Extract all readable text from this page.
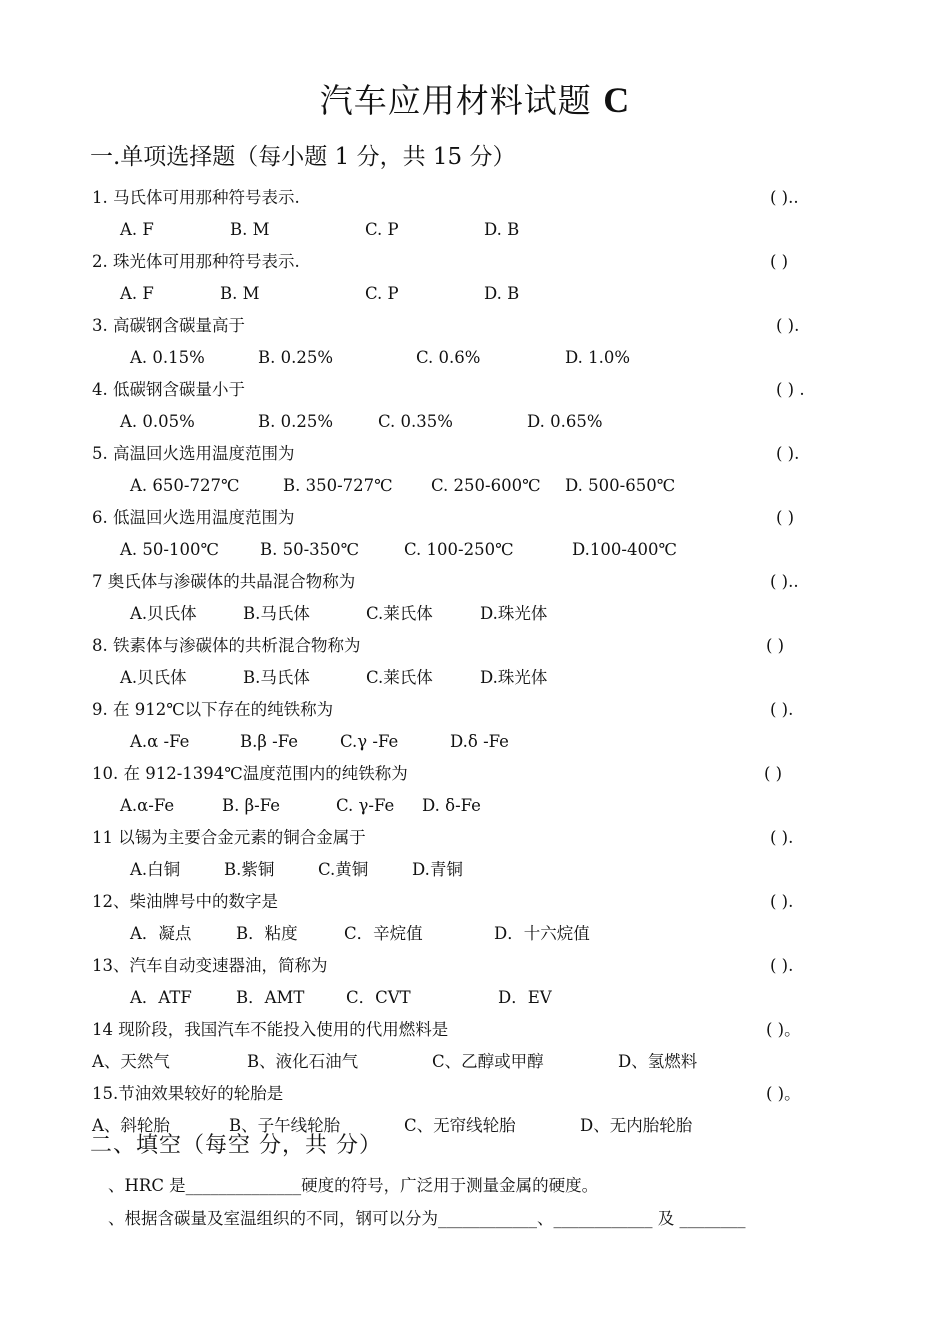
汽车应用材料试题 C
一.单项选择题（每小题 1 分，共 15 分）
1. 马氏体可用那种符号表示.	( )..
A. F	B. M	C. P	D. B
2. 珠光体可用那种符号表示.	( )
A. F	B. M	C. P	D. B
3. 高碳钢含碳量高于	( ).
A. 0.15%	B. 0.25%	C. 0.6%	D. 1.0%
4. 低碳钢含碳量小于	( ) .
A. 0.05%	B. 0.25%	C. 0.35%	D. 0.65%
5. 高温回火选用温度范围为	( ).
A. 650-727℃	B. 350-727℃ C. 250-600℃ D. 500-650℃
6. 低温回火选用温度范围为	( )
A. 50-100℃ B. 50-350℃	C. 100-250℃	D.100-400℃
7 奥氏体与渗碳体的共晶混合物称为	( )..
A.贝氏体	B.马氏体	C.莱氏体	D.珠光体
8. 铁素体与渗碳体的共析混合物称为	( )
A.贝氏体	B.马氏体	C.莱氏体	D.珠光体
9. 在 912℃以下存在的纯铁称为	( ).
A.α -Fe	B.β -Fe	C.γ -Fe	D.δ -Fe
10. 在 912-1394℃温度范围内的纯铁称为	( )
A.α-Fe	B. β-Fe	C. γ-Fe D. δ-Fe
11 以锡为主要合金元素的铜合金属于	( ).
A.白铜	B.紫铜	C.黄铜	D.青铜
12、柴油牌号中的数字是	( ).
A．凝点	B．粘度	C．辛烷值	D．十六烷值
13、汽车自动变速器油，简称为	( ).
A．ATF	B．AMT	C．CVT	D．EV
14 现阶段，我国汽车不能投入使用的代用燃料是	( )。
A、天然气	B、液化石油气	C、乙醇或甲醇	D、氢燃料
15.节油效果较好的轮胎是	( )。
A、斜轮胎	B、子午线轮胎	C、无帘线轮胎	D、无内胎轮胎
二、填空（每空 分，共 分）
、HRC 是______________硬度的符号，广泛用于测量金属的硬度。
、根据含碳量及室温组织的不同，钢可以分为____________、____________ 及 ________
